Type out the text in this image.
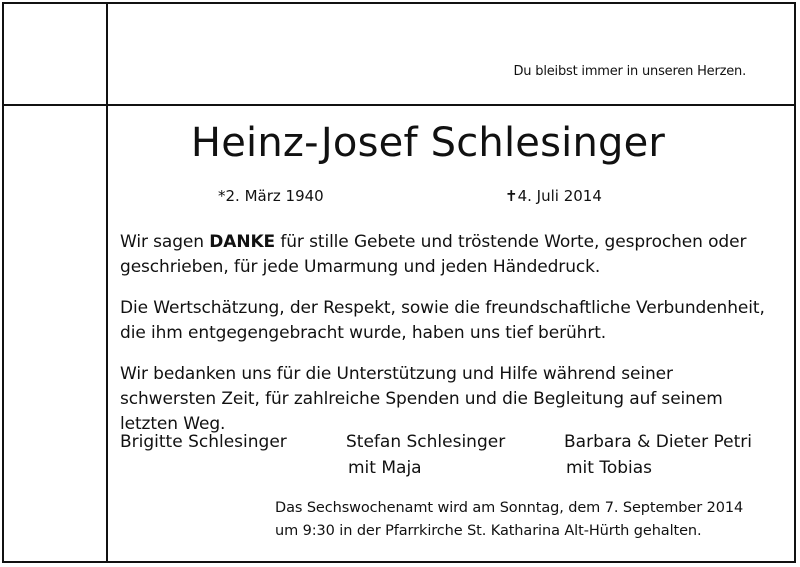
Du bleibst immer in unseren Herzen.
Heinz-Josef Schlesinger
*2. März 1940	✝4. Juli 2014
Wir sagen DANKE für stille Gebete und tröstende Worte, gesprochen oder geschrieben, für jede Umarmung und jeden Händedruck.
Die Wertschätzung, der Respekt, sowie die freundschaftliche Verbundenheit, die ihm entgegengebracht wurde, haben uns tief berührt.
Wir bedanken uns für die Unterstützung und Hilfe während seiner schwersten Zeit, für zahlreiche Spenden und die Begleitung auf seinem letzten Weg.
Brigitte Schlesinger	Stefan Schlesinger
mit Maja
Barbara & Dieter Petri
mit Tobias
Das Sechswochenamt wird am Sonntag, dem 7. September 2014
um 9:30 in der Pfarrkirche St. Katharina Alt-Hürth gehalten.
